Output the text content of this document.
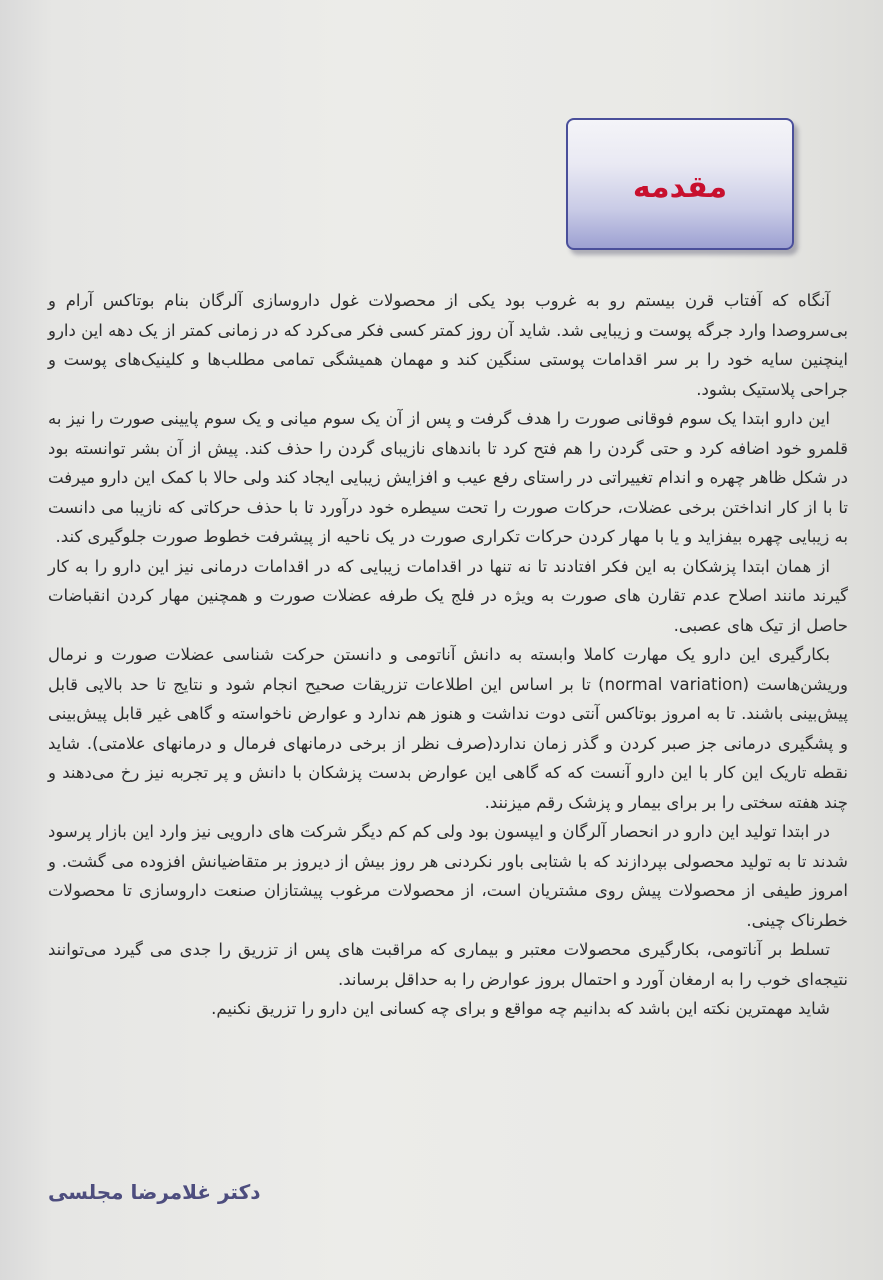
مقدمه

آنگاه که آفتاب قرن بیستم رو به غروب بود یکی از محصولات غول داروسازی آلرگان بنام بوتاکس آرام و بی‌سروصدا وارد جرگه پوست و زیبایی شد. شاید آن روز کمتر کسی فکر می‌کرد که در زمانی کمتر از یک دهه این دارو اینچنین سایه خود را بر سر اقدامات پوستی سنگین کند و مهمان همیشگی تمامی مطلب‌ها و کلینیک‌های پوست و جراحی پلاستیک بشود.

این دارو ابتدا یک سوم فوقانی صورت را هدف گرفت و پس از آن یک سوم میانی و یک سوم پایینی صورت را نیز به قلمرو خود اضافه کرد و حتی گردن را هم فتح کرد تا باندهای نازیبای گردن را حذف کند. پیش از آن بشر توانسته بود در شکل ظاهر چهره و اندام تغییراتی در راستای رفع عیب و افزایش زیبایی ایجاد کند ولی حالا با کمک این دارو میرفت تا با از کار انداختن برخی عضلات، حرکات صورت را تحت سیطره خود درآورد تا با حذف حرکاتی که نازیبا می دانست به زیبایی چهره بیفزاید و یا با مهار کردن حرکات تکراری صورت در یک ناحیه از پیشرفت خطوط صورت جلوگیری کند.

از همان ابتدا پزشکان به این فکر افتادند تا نه تنها در اقدامات زیبایی که در اقدامات درمانی نیز این دارو را به کار گیرند مانند اصلاح عدم تقارن های صورت به ویژه در فلج یک طرفه عضلات صورت و همچنین مهار کردن انقباضات حاصل از تیک های عصبی.

بکارگیری این دارو یک مهارت کاملا وابسته به دانش آناتومی و دانستن حرکت شناسی عضلات صورت و نرمال وریشن‌هاست (normal variation) تا بر اساس این اطلاعات تزریقات صحیح انجام شود و نتایج تا حد بالایی قابل پیش‌بینی باشند. تا به امروز بوتاکس آنتی دوت نداشت و هنوز هم ندارد و عوارض ناخواسته و گاهی غیر قابل پیش‌بینی و پشگیری درمانی جز صبر کردن و گذر زمان ندارد(صرف نظر از برخی درمانهای فرمال و درمانهای علامتی). شاید نقطه تاریک این کار با این دارو آنست که که گاهی این عوارض بدست پزشکان با دانش و پر تجربه نیز رخ می‌دهند و چند هفته سختی را بر برای بیمار و پزشک رقم میزنند.

در ابتدا تولید این دارو در انحصار آلرگان و ایپسون بود ولی کم کم دیگر شرکت های دارویی نیز وارد این بازار پرسود شدند تا به تولید محصولی بپردازند که با شتابی باور نکردنی هر روز بیش از دیروز بر متقاضیانش افزوده می گشت. و امروز طیفی از محصولات پیش روی مشتریان است، از محصولات مرغوب پیشتازان صنعت داروسازی تا محصولات خطرناک چینی.

تسلط بر آناتومی، بکارگیری محصولات معتبر و بیماری که مراقبت های پس از تزریق را جدی می گیرد می‌توانند نتیجه‌ای خوب را به ارمغان آورد و احتمال بروز عوارض را به حداقل برساند.

شاید مهمترین نکته این باشد که بدانیم چه مواقع و برای چه کسانی این دارو را تزریق نکنیم.

دکتر غلامرضا مجلسی
